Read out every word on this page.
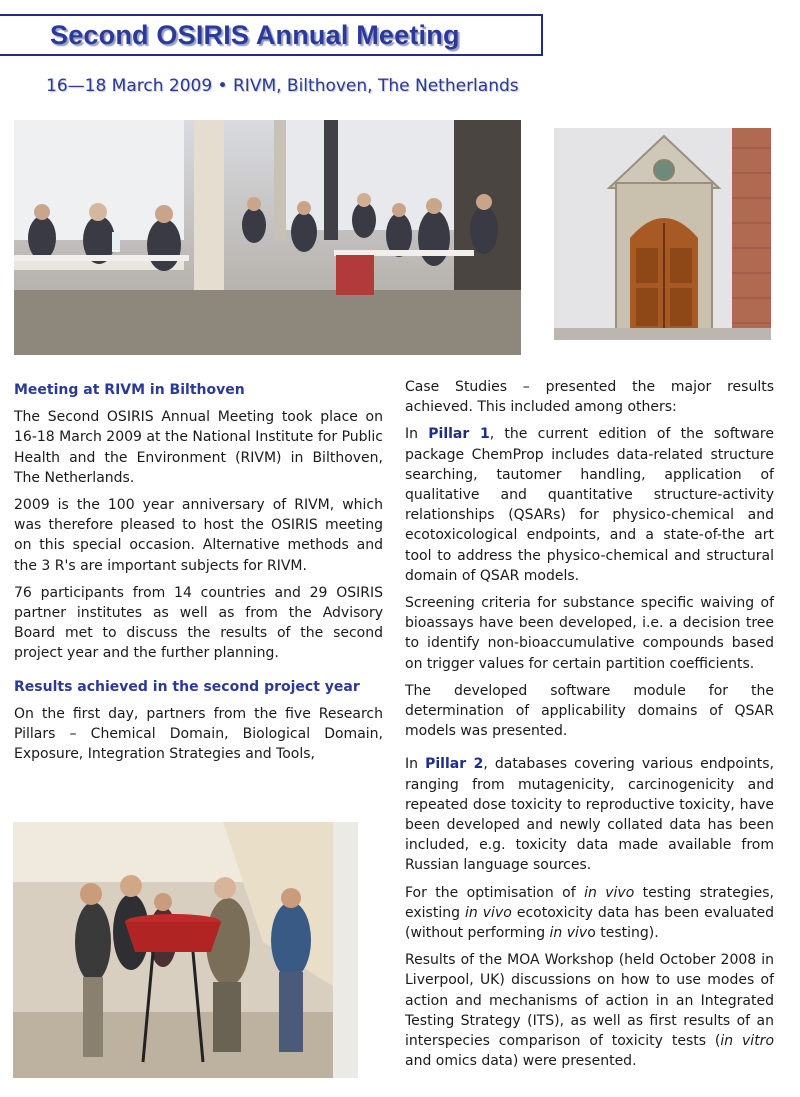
Second OSIRIS Annual Meeting
16—18 March 2009 • RIVM, Bilthoven, The Netherlands

Meeting at RIVM in Bilthoven

The Second OSIRIS Annual Meeting took place on 16-18 March 2009 at the National Institute for Public Health and the Environment (RIVM) in Bilthoven, The Netherlands.

2009 is the 100 year anniversary of RIVM, which was therefore pleased to host the OSIRIS meeting on this special occasion. Alternative methods and the 3 R's are important subjects for RIVM.

76 participants from 14 countries and 29 OSIRIS partner institutes as well as from the Advisory Board met to discuss the results of the second project year and the further planning.

Results achieved in the second project year

On the first day, partners from the five Research Pillars – Chemical Domain, Biological Domain, Exposure, Integration Strategies and Tools,

Case Studies – presented the major results achieved. This included among others:

In Pillar 1, the current edition of the software package ChemProp includes data-related structure searching, tautomer handling, application of qualitative and quantitative structure-activity relationships (QSARs) for physico-chemical and ecotoxicological endpoints, and a state-of-the art tool to address the physico-chemical and structural domain of QSAR models.

Screening criteria for substance specific waiving of bioassays have been developed, i.e. a decision tree to identify non-bioaccumulative compounds based on trigger values for certain partition coefficients.

The developed software module for the determination of applicability domains of QSAR models was presented.

In Pillar 2, databases covering various endpoints, ranging from mutagenicity, carcinogenicity and repeated dose toxicity to reproductive toxicity, have been developed and newly collated data has been included, e.g. toxicity data made available from Russian language sources.

For the optimisation of in vivo testing strategies, existing in vivo ecotoxicity data has been evaluated (without performing in vivo testing).

Results of the MOA Workshop (held October 2008 in Liverpool, UK) discussions on how to use modes of action and mechanisms of action in an Integrated Testing Strategy (ITS), as well as first results of an interspecies comparison of toxicity tests (in vitro and omics data) were presented.
